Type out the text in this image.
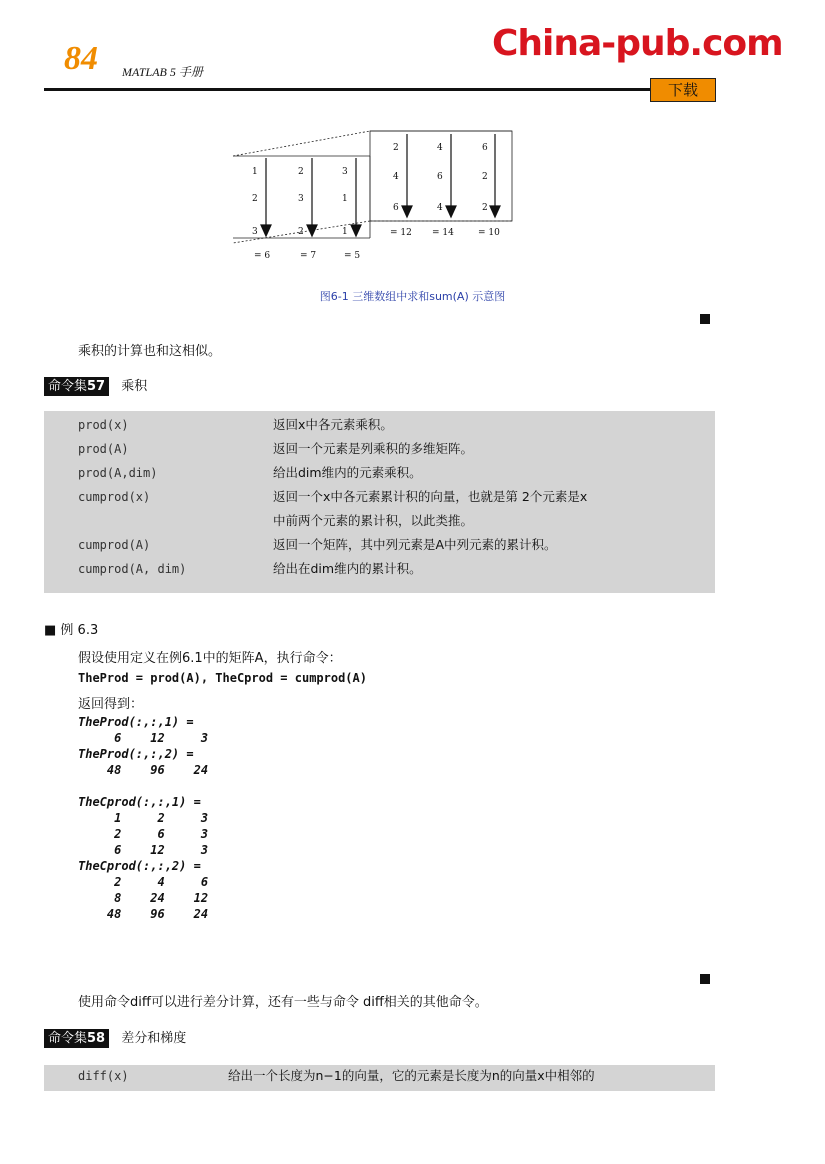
84 MATLAB 5 手册
China-pub.com
下载
1	2	3
2	3	1
3	2	1
= 6	= 7	= 5
2	4	6
4	6	2
6	4	2
= 12 = 14	= 10
图6-1 三维数组中求和sum(A) 示意图
乘积的计算也和这相似。
命令集57 乘积
prod(x)	返回x中各元素乘积。
prod(A)	返回一个元素是列乘积的多维矩阵。
prod(A,dim)	给出dim维内的元素乘积。
cumprod(x)	返回一个x中各元素累计积的向量，也就是第 2个元素是x
中前两个元素的累计积，以此类推。
cumprod(A)	返回一个矩阵，其中列元素是A中列元素的累计积。
cumprod(A, dim)	给出在dim维内的累计积。
■ 例 6.3
假设使用定义在例6.1中的矩阵A，执行命令：
TheProd = prod(A), TheCprod = cumprod(A)
返回得到：
TheProd(:,:,1) =
6    12     3
TheProd(:,:,2) =
48    96    24

TheCprod(:,:,1) =
1     2     3
2     6     3
6    12     3
TheCprod(:,:,2) =
2     4     6
8    24    12
48    96    24
使用命令diff可以进行差分计算，还有一些与命令 diff相关的其他命令。
命令集58 差分和梯度
diff(x)	给出一个长度为n−1的向量，它的元素是长度为n的向量x中相邻的
